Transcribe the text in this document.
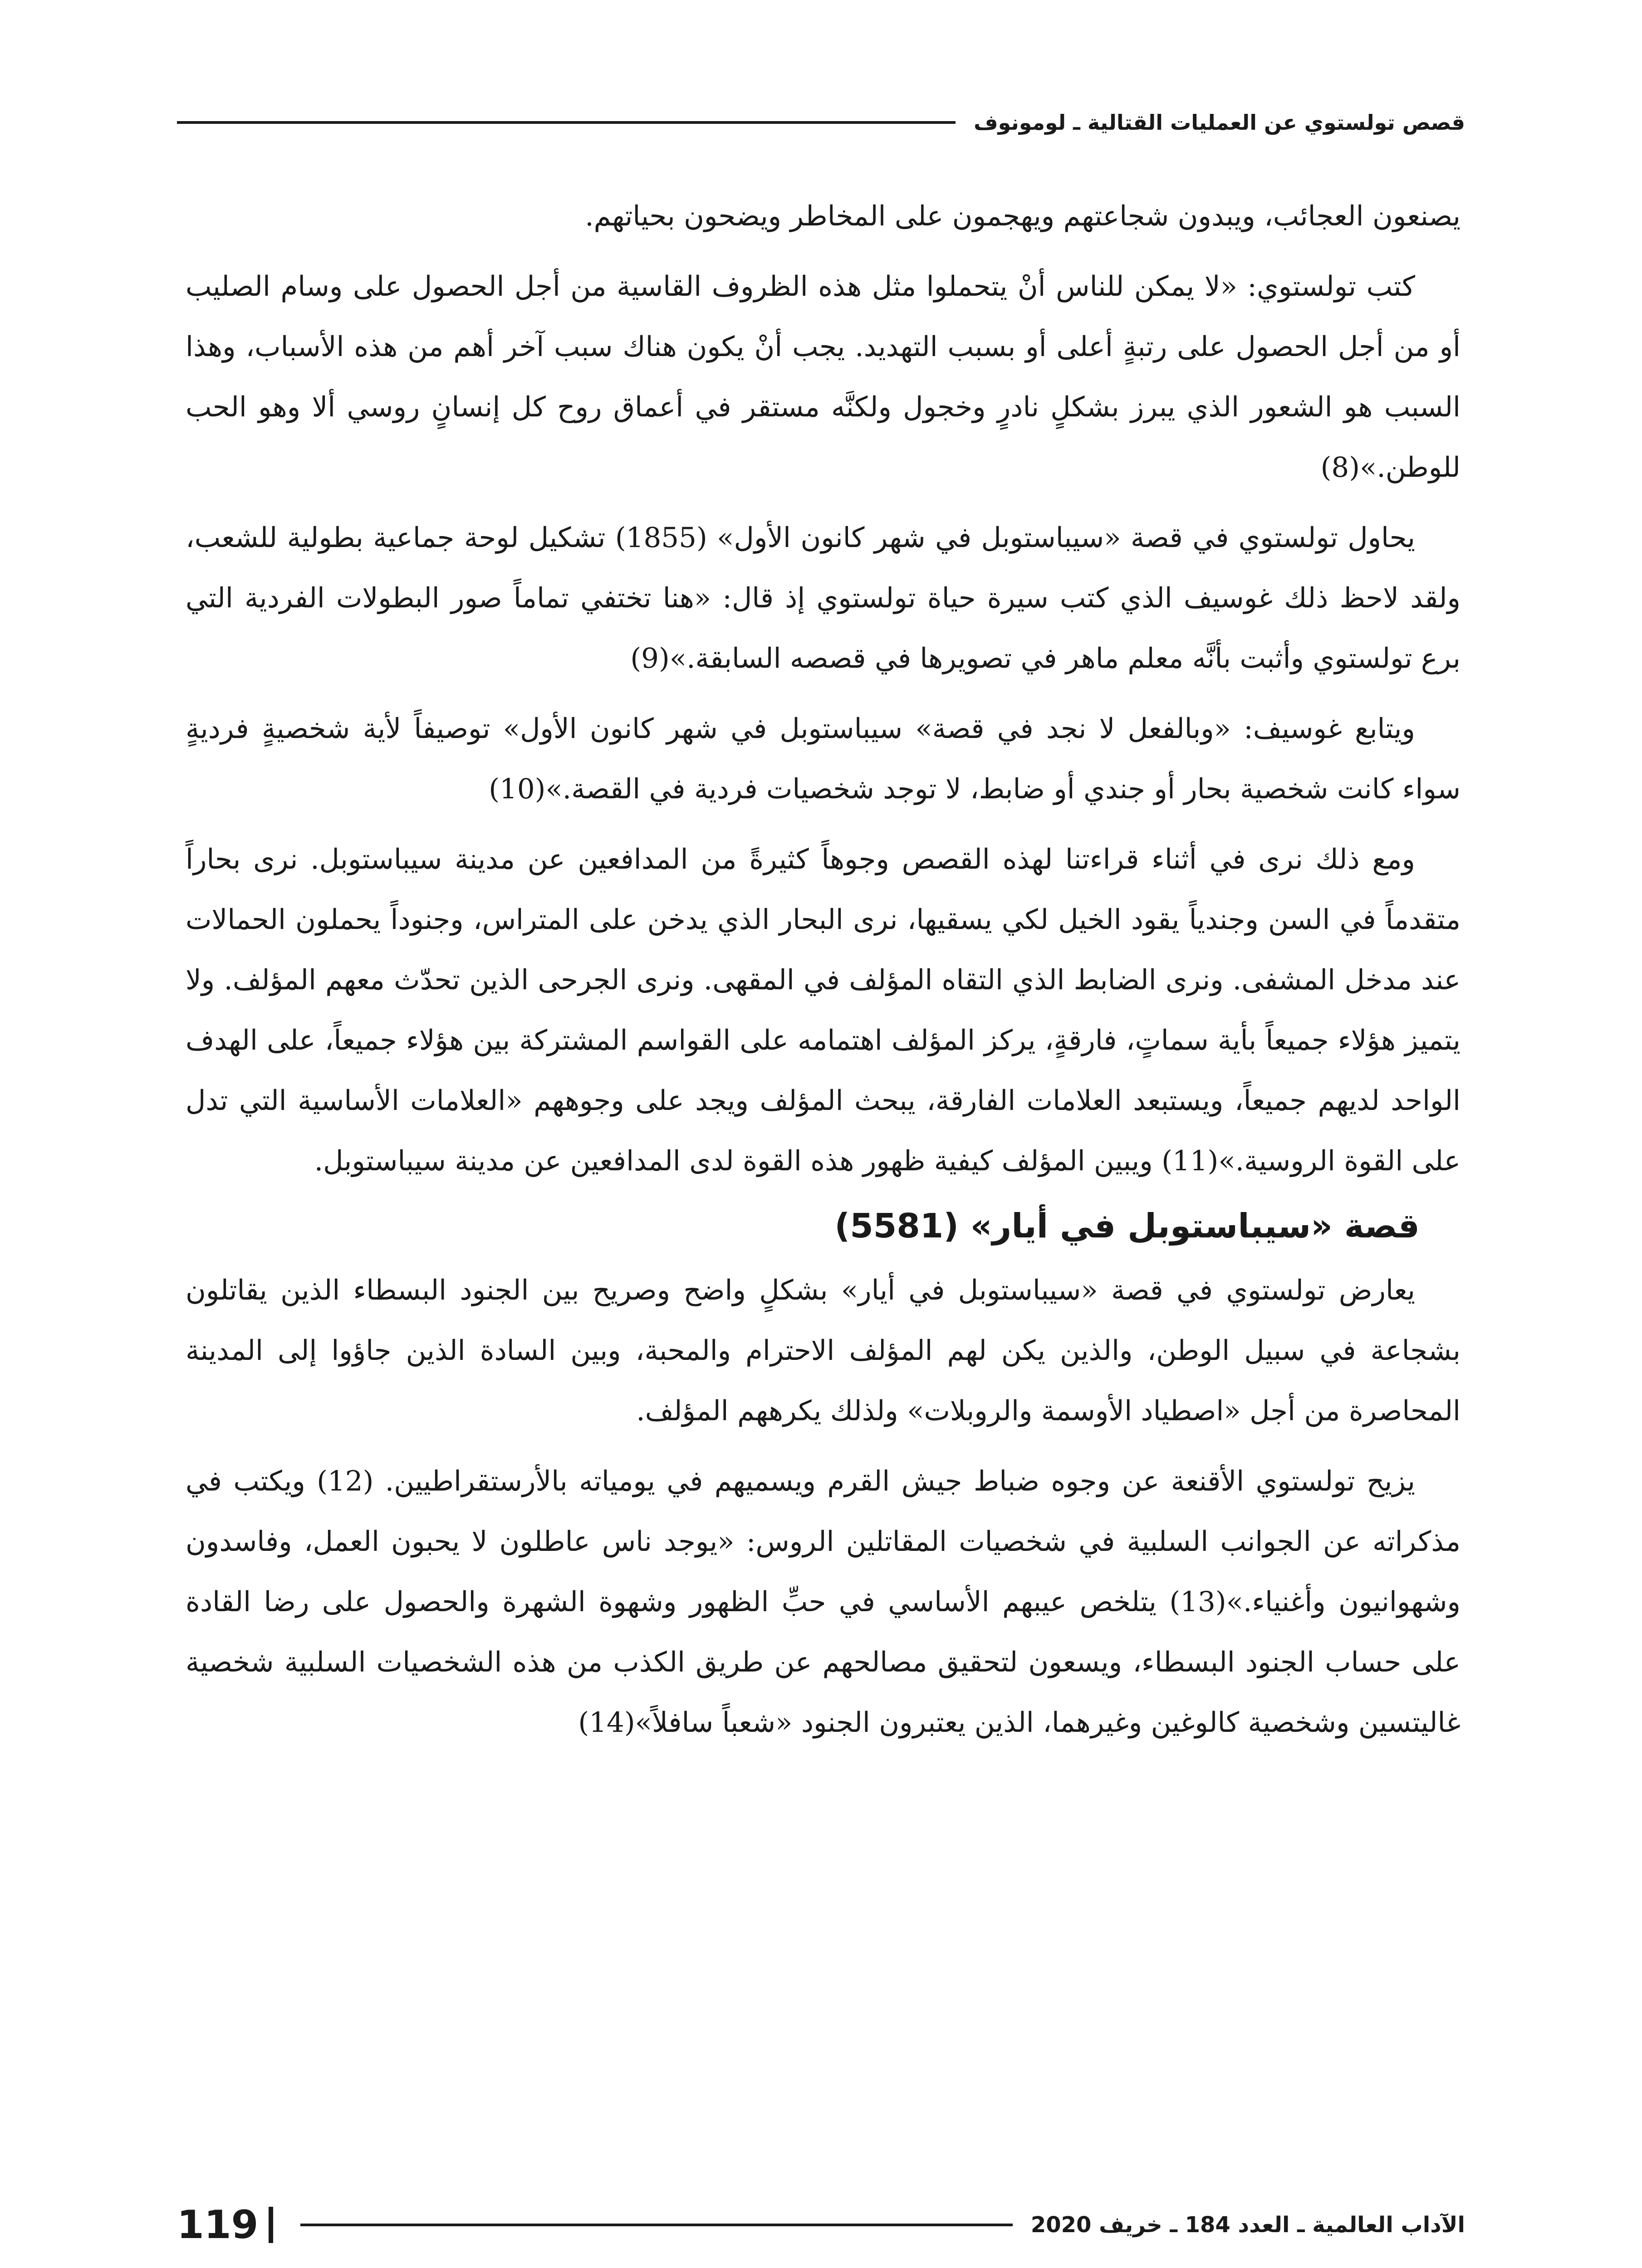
قصص تولستوي عن العمليات القتالية ـ لومونوف

يصنعون العجائب، ويبدون شجاعتهم ويهجمون على المخاطر ويضحون بحياتهم.

كتب تولستوي: «لا يمكن للناس أنْ يتحملوا مثل هذه الظروف القاسية من أجل الحصول على وسام الصليب أو من أجل الحصول على رتبةٍ أعلى أو بسبب التهديد. يجب أنْ يكون هناك سبب آخر أهم من هذه الأسباب، وهذا السبب هو الشعور الذي يبرز بشكلٍ نادرٍ وخجول ولكنَّه مستقر في أعماق روح كل إنسانٍ روسي ألا وهو الحب للوطن.»(8)

يحاول تولستوي في قصة «سيباستوبل في شهر كانون الأول» (1855) تشكيل لوحة جماعية بطولية للشعب، ولقد لاحظ ذلك غوسيف الذي كتب سيرة حياة تولستوي إذ قال: «هنا تختفي تماماً صور البطولات الفردية التي برع تولستوي وأثبت بأنَّه معلم ماهر في تصويرها في قصصه السابقة.»(9)

ويتابع غوسيف: «وبالفعل لا نجد في قصة» سيباستوبل في شهر كانون الأول» توصيفاً لأية شخصيةٍ فرديةٍ سواء كانت شخصية بحار أو جندي أو ضابط، لا توجد شخصيات فردية في القصة.»(10)

ومع ذلك نرى في أثناء قراءتنا لهذه القصص وجوهاً كثيرةً من المدافعين عن مدينة سيباستوبل. نرى بحاراً متقدماً في السن وجندياً يقود الخيل لكي يسقيها، نرى البحار الذي يدخن على المتراس، وجنوداً يحملون الحمالات عند مدخل المشفى. ونرى الضابط الذي التقاه المؤلف في المقهى. ونرى الجرحى الذين تحدّث معهم المؤلف. ولا يتميز هؤلاء جميعاً بأية سماتٍ، فارقةٍ، يركز المؤلف اهتمامه على القواسم المشتركة بين هؤلاء جميعاً، على الهدف الواحد لديهم جميعاً، ويستبعد العلامات الفارقة، يبحث المؤلف ويجد على وجوههم «العلامات الأساسية التي تدل على القوة الروسية.»(11) ويبين المؤلف كيفية ظهور هذه القوة لدى المدافعين عن مدينة سيباستوبل.

قصة «سيباستوبل في أيار» (5581)

يعارض تولستوي في قصة «سيباستوبل في أيار» بشكلٍ واضح وصريح بين الجنود البسطاء الذين يقاتلون بشجاعة في سبيل الوطن، والذين يكن لهم المؤلف الاحترام والمحبة، وبين السادة الذين جاؤوا إلى المدينة المحاصرة من أجل «اصطياد الأوسمة والروبلات» ولذلك يكرههم المؤلف.

يزيح تولستوي الأقنعة عن وجوه ضباط جيش القرم ويسميهم في يومياته بالأرستقراطيين. (12) ويكتب في مذكراته عن الجوانب السلبية في شخصيات المقاتلين الروس: «يوجد ناس عاطلون لا يحبون العمل، وفاسدون وشهوانيون وأغنياء.»(13) يتلخص عيبهم الأساسي في حبِّ الظهور وشهوة الشهرة والحصول على رضا القادة على حساب الجنود البسطاء، ويسعون لتحقيق مصالحهم عن طريق الكذب من هذه الشخصيات السلبية شخصية غاليتسين وشخصية كالوغين وغيرهما، الذين يعتبرون الجنود «شعباً سافلاً»(14)

الآداب العالمية ـ العدد 184 ـ خريف 2020
119
